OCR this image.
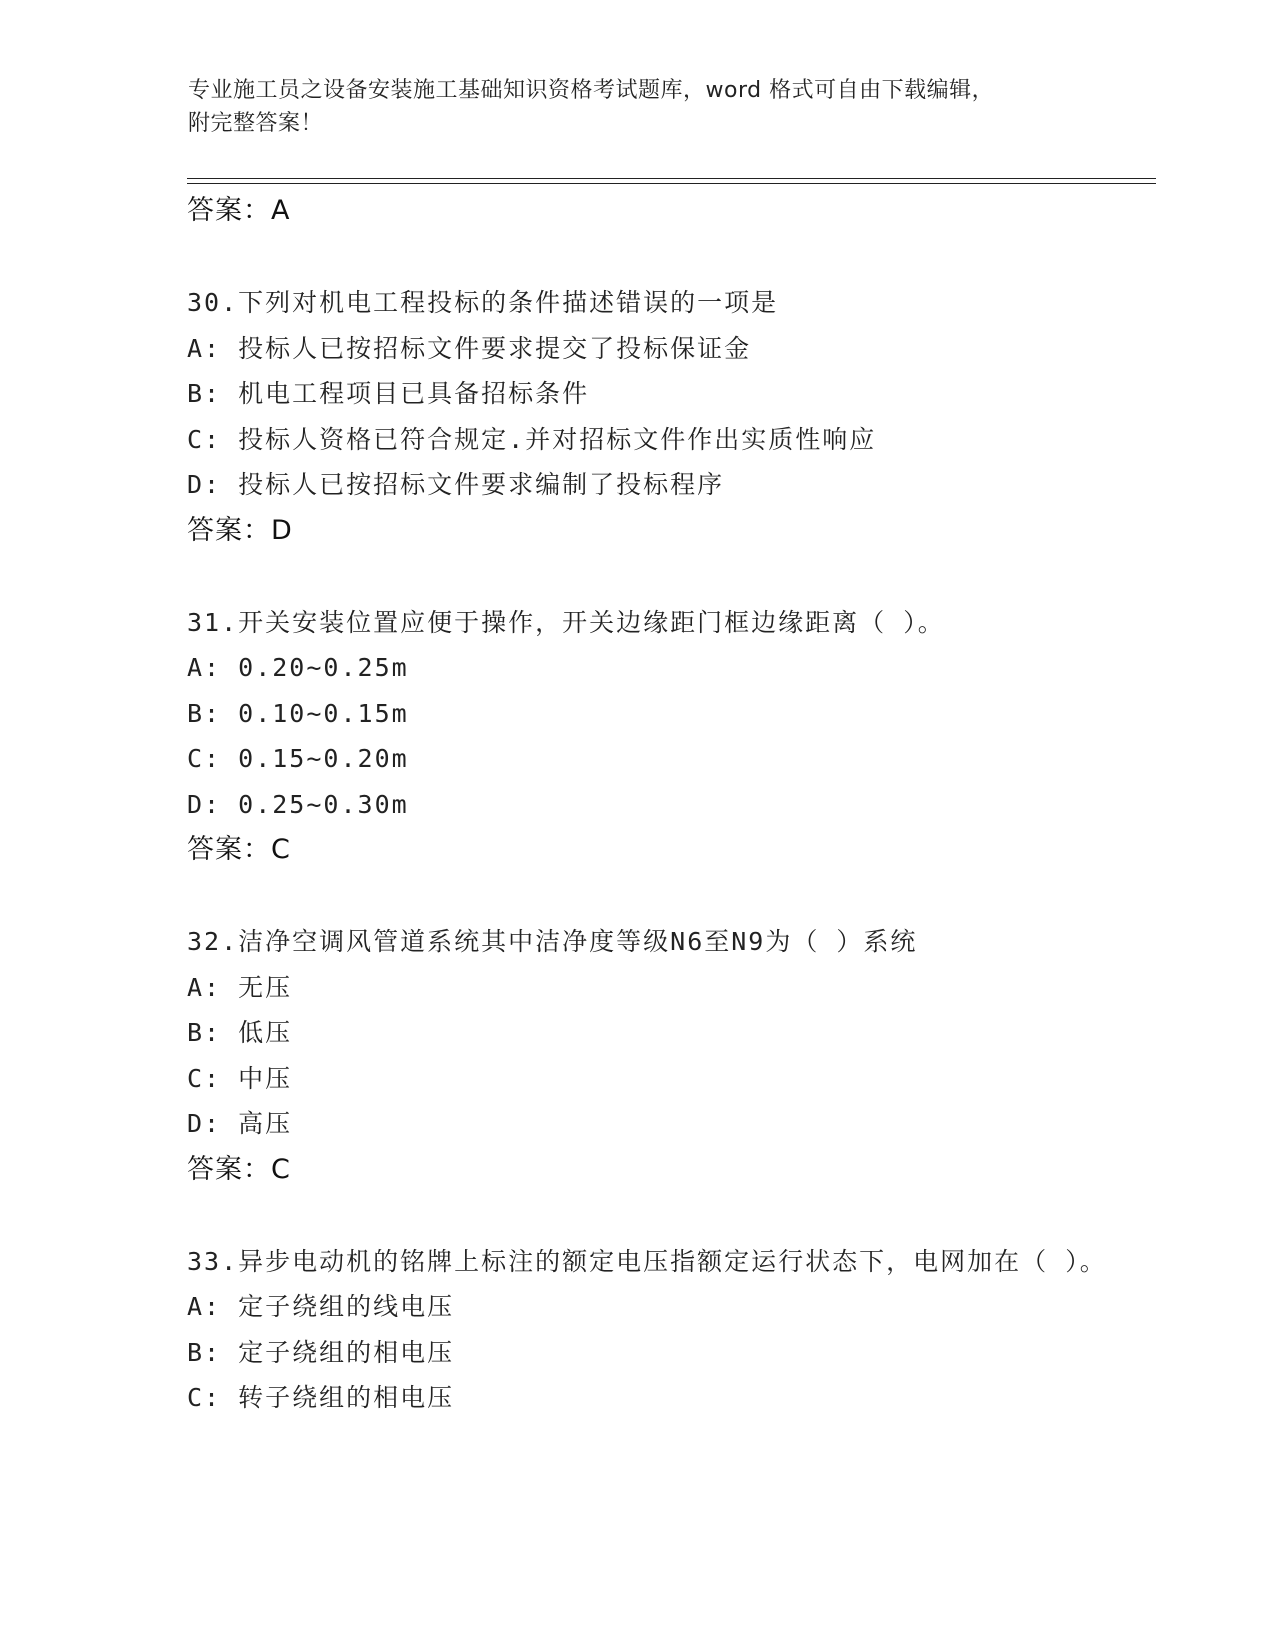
专业施工员之设备安装施工基础知识资格考试题库，word 格式可自由下载编辑，
附完整答案！
答案：A
30.下列对机电工程投标的条件描述错误的一项是
A: 投标人已按招标文件要求提交了投标保证金
B: 机电工程项目已具备招标条件
C: 投标人资格已符合规定.并对招标文件作出实质性响应
D: 投标人已按招标文件要求编制了投标程序
答案：D
31.开关安装位置应便于操作，开关边缘距门框边缘距离（ ）。
A: 0.20~0.25m
B: 0.10~0.15m
C: 0.15~0.20m
D: 0.25~0.30m
答案：C
32.洁净空调风管道系统其中洁净度等级N6至N9为（ ）系统
A: 无压
B: 低压
C: 中压
D: 高压
答案：C
33.异步电动机的铭牌上标注的额定电压指额定运行状态下，电网加在（ ）。
A: 定子绕组的线电压
B: 定子绕组的相电压
C: 转子绕组的相电压
